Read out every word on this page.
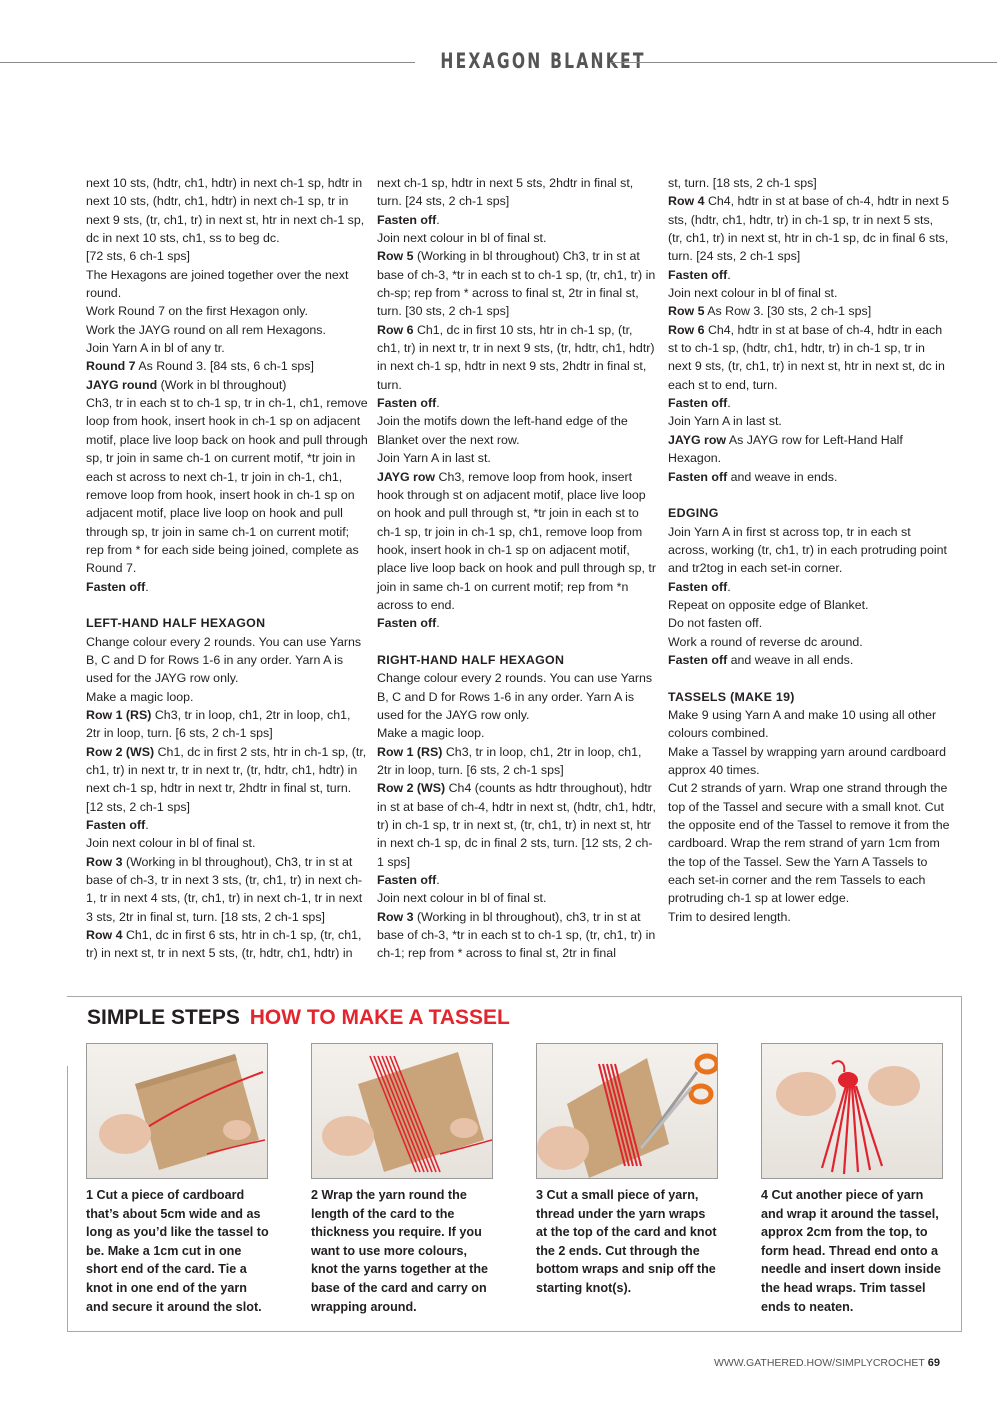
HEXAGON BLANKET

next 10 sts, (hdtr, ch1, hdtr) in next ch-1 sp, hdtr in next 10 sts, (hdtr, ch1, hdtr) in next ch-1 sp, tr in next 9 sts, (tr, ch1, tr) in next st, htr in next ch-1 sp, dc in next 10 sts, ch1, ss to beg dc.

[72 sts, 6 ch-1 sps]

The Hexagons are joined together over the next round.

Work Round 7 on the first Hexagon only.

Work the JAYG round on all rem Hexagons.

Join Yarn A in bl of any tr.

Round 7 As Round 3. [84 sts, 6 ch-1 sps]

JAYG round (Work in bl throughout)

Ch3, tr in each st to ch-1 sp, tr in ch-1, ch1, remove loop from hook, insert hook in ch-1 sp on adjacent motif, place live loop back on hook and pull through sp, tr join in same ch-1 on current motif, *tr join in each st across to next ch-1, tr join in ch-1, ch1, remove loop from hook, insert hook in ch-1 sp on adjacent motif, place live loop on hook and pull through sp, tr join in same ch-1 on current motif; rep from * for each side being joined, complete as Round 7.

Fasten off.

LEFT-HAND HALF HEXAGON

Change colour every 2 rounds. You can use Yarns B, C and D for Rows 1-6 in any order. Yarn A is used for the JAYG row only.

Make a magic loop.

Row 1 (RS) Ch3, tr in loop, ch1, 2tr in loop, ch1, 2tr in loop, turn. [6 sts, 2 ch-1 sps]

Row 2 (WS) Ch1, dc in first 2 sts, htr in ch-1 sp, (tr, ch1, tr) in next tr, tr in next tr, (tr, hdtr, ch1, hdtr) in next ch-1 sp, hdtr in next tr, 2hdtr in final st, turn. [12 sts, 2 ch-1 sps]

Fasten off.

Join next colour in bl of final st.

Row 3 (Working in bl throughout), Ch3, tr in st at base of ch-3, tr in next 3 sts, (tr, ch1, tr) in next ch-1, tr in next 4 sts, (tr, ch1, tr) in next ch-1, tr in next 3 sts, 2tr in final st, turn. [18 sts, 2 ch-1 sps]

Row 4 Ch1, dc in first 6 sts, htr in ch-1 sp, (tr, ch1, tr) in next st, tr in next 5 sts, (tr, hdtr, ch1, hdtr) in

next ch-1 sp, hdtr in next 5 sts, 2hdtr in final st, turn. [24 sts, 2 ch-1 sps]

Fasten off.

Join next colour in bl of final st.

Row 5 (Working in bl throughout) Ch3, tr in st at base of ch-3, *tr in each st to ch-1 sp, (tr, ch1, tr) in ch-sp; rep from * across to final st, 2tr in final st, turn. [30 sts, 2 ch-1 sps]

Row 6 Ch1, dc in first 10 sts, htr in ch-1 sp, (tr, ch1, tr) in next tr, tr in next 9 sts, (tr, hdtr, ch1, hdtr) in next ch-1 sp, hdtr in next 9 sts, 2hdtr in final st, turn.

Fasten off.

Join the motifs down the left-hand edge of the Blanket over the next row.

Join Yarn A in last st.

JAYG row Ch3, remove loop from hook, insert hook through st on adjacent motif, place live loop on hook and pull through st, *tr join in each st to ch-1 sp, tr join in ch-1 sp, ch1, remove loop from hook, insert hook in ch-1 sp on adjacent motif, place live loop back on hook and pull through sp, tr join in same ch-1 on current motif; rep from *n across to end.

Fasten off.

RIGHT-HAND HALF HEXAGON

Change colour every 2 rounds. You can use Yarns B, C and D for Rows 1-6 in any order. Yarn A is used for the JAYG row only.

Make a magic loop.

Row 1 (RS) Ch3, tr in loop, ch1, 2tr in loop, ch1, 2tr in loop, turn. [6 sts, 2 ch-1 sps]

Row 2 (WS) Ch4 (counts as hdtr throughout), hdtr in st at base of ch-4, hdtr in next st, (hdtr, ch1, hdtr, tr) in ch-1 sp, tr in next st, (tr, ch1, tr) in next st, htr in next ch-1 sp, dc in final 2 sts, turn. [12 sts, 2 ch-1 sps]

Fasten off.

Join next colour in bl of final st.

Row 3 (Working in bl throughout), ch3, tr in st at base of ch-3, *tr in each st to ch-1 sp, (tr, ch1, tr) in ch-1; rep from * across to final st, 2tr in final

st, turn. [18 sts, 2 ch-1 sps]

Row 4 Ch4, hdtr in st at base of ch-4, hdtr in next 5 sts, (hdtr, ch1, hdtr, tr) in ch-1 sp, tr in next 5 sts, (tr, ch1, tr) in next st, htr in ch-1 sp, dc in final 6 sts, turn. [24 sts, 2 ch-1 sps]

Fasten off.

Join next colour in bl of final st.

Row 5 As Row 3. [30 sts, 2 ch-1 sps]

Row 6 Ch4, hdtr in st at base of ch-4, hdtr in each st to ch-1 sp, (hdtr, ch1, hdtr, tr) in ch-1 sp, tr in next 9 sts, (tr, ch1, tr) in next st, htr in next st, dc in each st to end, turn.

Fasten off.

Join Yarn A in last st.

JAYG row As JAYG row for Left-Hand Half Hexagon.

Fasten off and weave in ends.

EDGING

Join Yarn A in first st across top, tr in each st across, working (tr, ch1, tr) in each protruding point and tr2tog in each set-in corner.

Fasten off.

Repeat on opposite edge of Blanket.

Do not fasten off.

Work a round of reverse dc around.

Fasten off and weave in all ends.

TASSELS (MAKE 19)

Make 9 using Yarn A and make 10 using all other colours combined.

Make a Tassel by wrapping yarn around cardboard approx 40 times.

Cut 2 strands of yarn. Wrap one strand through the top of the Tassel and secure with a small knot. Cut the opposite end of the Tassel to remove it from the cardboard. Wrap the rem strand of yarn 1cm from the top of the Tassel. Sew the Yarn A Tassels to each set-in corner and the rem Tassels to each protruding ch-1 sp at lower edge.

Trim to desired length.

SIMPLE STEPS HOW TO MAKE A TASSEL

1 Cut a piece of cardboard that’s about 5cm wide and as long as you’d like the tassel to be. Make a 1cm cut in one short end of the card. Tie a knot in one end of the yarn and secure it around the slot.

2 Wrap the yarn round the length of the card to the thickness you require. If you want to use more colours, knot the yarns together at the base of the card and carry on wrapping around.

3 Cut a small piece of yarn, thread under the yarn wraps at the top of the card and knot the 2 ends. Cut through the bottom wraps and snip off the starting knot(s).

4 Cut another piece of yarn and wrap it around the tassel, approx 2cm from the top, to form head. Thread end onto a needle and insert down inside the head wraps. Trim tassel ends to neaten.

WWW.GATHERED.HOW/SIMPLYCROCHET 69
